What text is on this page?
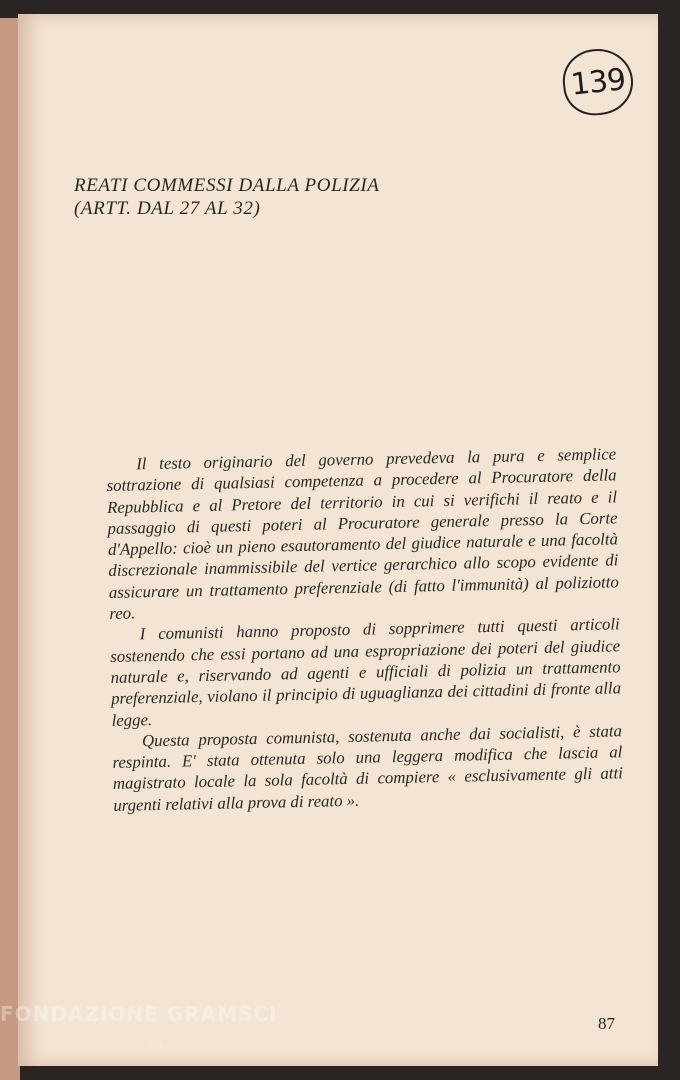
139
REATI COMMESSI DALLA POLIZIA
(ARTT. DAL 27 AL 32)

Il testo originario del governo prevedeva la pura e semplice sottrazione di qualsiasi competenza a procedere al Procuratore della Repubblica e al Pretore del territorio in cui si verifichi il reato e il passaggio di questi poteri al Procuratore generale presso la Corte d'Appello: cioè un pieno esautoramento del giudice naturale e una facoltà discrezionale inammissibile del vertice gerarchico allo scopo evidente di assicurare un trattamento preferenziale (di fatto l'immunità) al poliziotto reo.

I comunisti hanno proposto di sopprimere tutti questi articoli sostenendo che essi portano ad una espropriazione dei poteri del giudice naturale e, riservando ad agenti e ufficiali di polizia un trattamento preferenziale, violano il principio di uguaglianza dei cittadini di fronte alla legge.

Questa proposta comunista, sostenuta anche dai socialisti, è stata respinta. E' stata ottenuta solo una leggera modifica che lascia al magistrato locale la sola facoltà di compiere « esclusivamente gli atti urgenti relativi alla prova di reato ».

87
FONDAZIONE GRAMSCI
onlus
